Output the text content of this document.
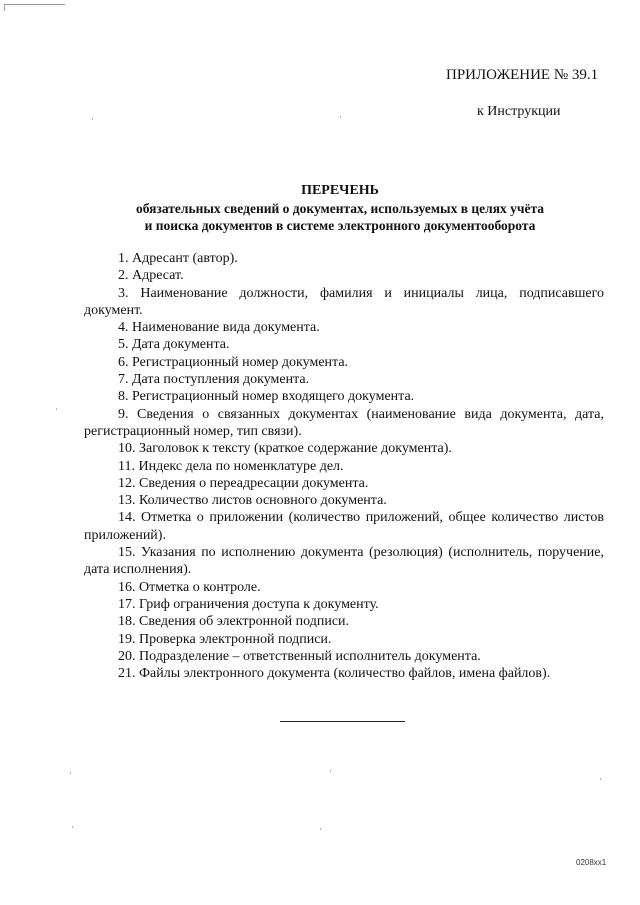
ПРИЛОЖЕНИЕ № 39.1
к Инструкции
ПЕРЕЧЕНЬ
обязательных сведений о документах, используемых в целях учёта
и поиска документов в системе электронного документооборота
1. Адресант (автор).
2. Адресат.
3. Наименование должности, фамилия и инициалы лица, подписавшего документ.
4. Наименование вида документа.
5. Дата документа.
6. Регистрационный номер документа.
7. Дата поступления документа.
8. Регистрационный номер входящего документа.
9. Сведения о связанных документах (наименование вида документа, дата, регистрационный номер, тип связи).
10. Заголовок к тексту (краткое содержание документа).
11. Индекс дела по номенклатуре дел.
12. Сведения о переадресации документа.
13. Количество листов основного документа.
14. Отметка о приложении (количество приложений, общее количество листов приложений).
15. Указания по исполнению документа (резолюция) (исполнитель, поручение, дата исполнения).
16. Отметка о контроле.
17. Гриф ограничения доступа к документу.
18. Сведения об электронной подписи.
19. Проверка электронной подписи.
20. Подразделение – ответственный исполнитель документа.
21. Файлы электронного документа (количество файлов, имена файлов).
0208хх1
